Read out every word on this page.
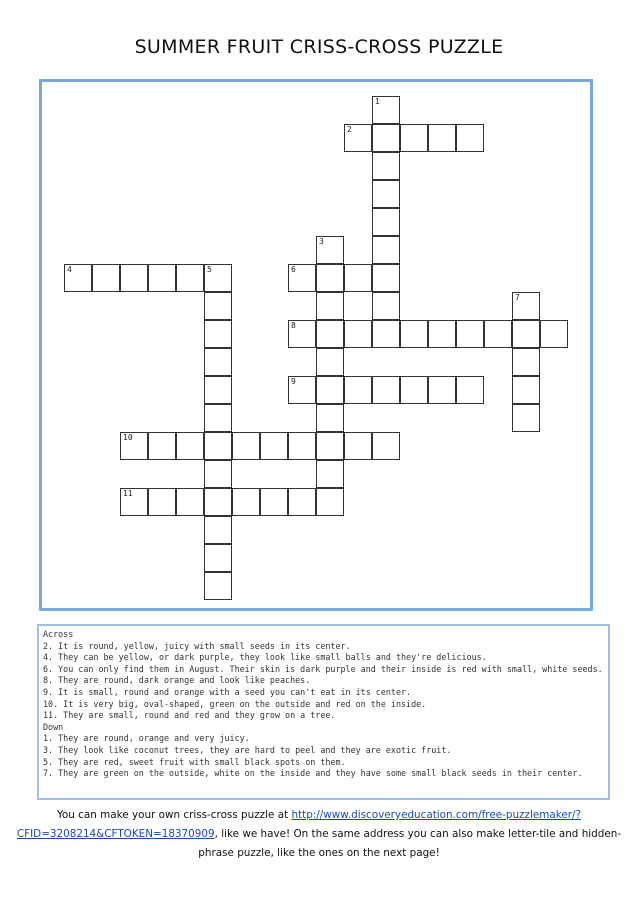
SUMMER FRUIT CRISS-CROSS PUZZLE
1
2
3
4	5	6
7
8
9
10
11
Across
2. It is round, yellow, juicy with small seeds in its center.
4. They can be yellow, or dark purple, they look like small balls and they're delicious.
6. You can only find them in August. Their skin is dark purple and their inside is red with small, white seeds.
8. They are round, dark orange and look like peaches.
9. It is small, round and orange with a seed you can't eat in its center.
10. It is very big, oval-shaped, green on the outside and red on the inside.
11. They are small, round and red and they grow on a tree.
Down
1. They are round, orange and very juicy.
3. They look like coconut trees, they are hard to peel and they are exotic fruit.
5. They are red, sweet fruit with small black spots on them.
7. They are green on the outside, white on the inside and they have some small black seeds in their center.
You can make your own criss-cross puzzle at http://www.discoveryeducation.com/free-puzzlemaker/?CFID=3208214&CFTOKEN=18370909, like we have! On the same address you can also make letter-tile and hidden-phrase puzzle, like the ones on the next page!
